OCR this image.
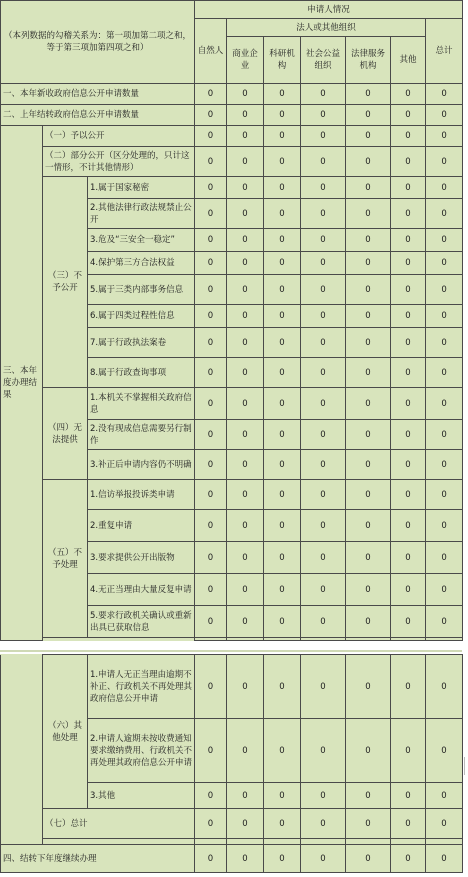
（本列数据的勾稽关系为：第一项加第二项之和，等于第三项加第四项之和）			申请人情况						
			自然人	法人或其他组织					总计
				商业企业	科研机构	社会公益组织	法律服务机构	其他	

一、本年新收政府信息公开申请数量			0	0	0	0	0	0	0
二、上年结转政府信息公开申请数量			0	0	0	0	0	0	0
三、本年度办理结果	（一）予以公开		0	0	0	0	0	0	0
	（二）部分公开（区分处理的，只计这一情形，不计其他情形）		0	0	0	0	0	0	0
	（三）不予公开	1.属于国家秘密	0	0	0	0	0	0	0
		2.其他法律行政法规禁止公开	0	0	0	0	0	0	0
		3.危及“三安全一稳定”	0	0	0	0	0	0	0
		4.保护第三方合法权益	0	0	0	0	0	0	0
		5.属于三类内部事务信息	0	0	0	0	0	0	0
		6.属于四类过程性信息	0	0	0	0	0	0	0
		7.属于行政执法案卷	0	0	0	0	0	0	0
		8.属于行政查询事项	0	0	0	0	0	0	0
	（四）无法提供	1.本机关不掌握相关政府信息	0	0	0	0	0	0	0
		2.没有现成信息需要另行制作	0	0	0	0	0	0	0
		3.补正后申请内容仍不明确	0	0	0	0	0	0	0
	（五）不予处理	1.信访举报投诉类申请	0	0	0	0	0	0	0
		2.重复申请	0	0	0	0	0	0	0
		3.要求提供公开出版物	0	0	0	0	0	0	0
		4.无正当理由大量反复申请	0	0	0	0	0	0	0
		5.要求行政机关确认或重新出具已获取信息	0	0	0	0	0	0	0

	（六）其他处理	1.申请人无正当理由逾期不补正、行政机关不再处理其政府信息公开申请	0	0	0	0	0	0	0
		2.申请人逾期未按收费通知要求缴纳费用、行政机关不再处理其政府信息公开申请	0	0	0	0	0	0	0
		3.其他	0	0	0	0	0	0	0
	（七）总计		0	0	0	0	0	0	0

四、结转下年度继续办理			0	0	0	0	0	0	0
